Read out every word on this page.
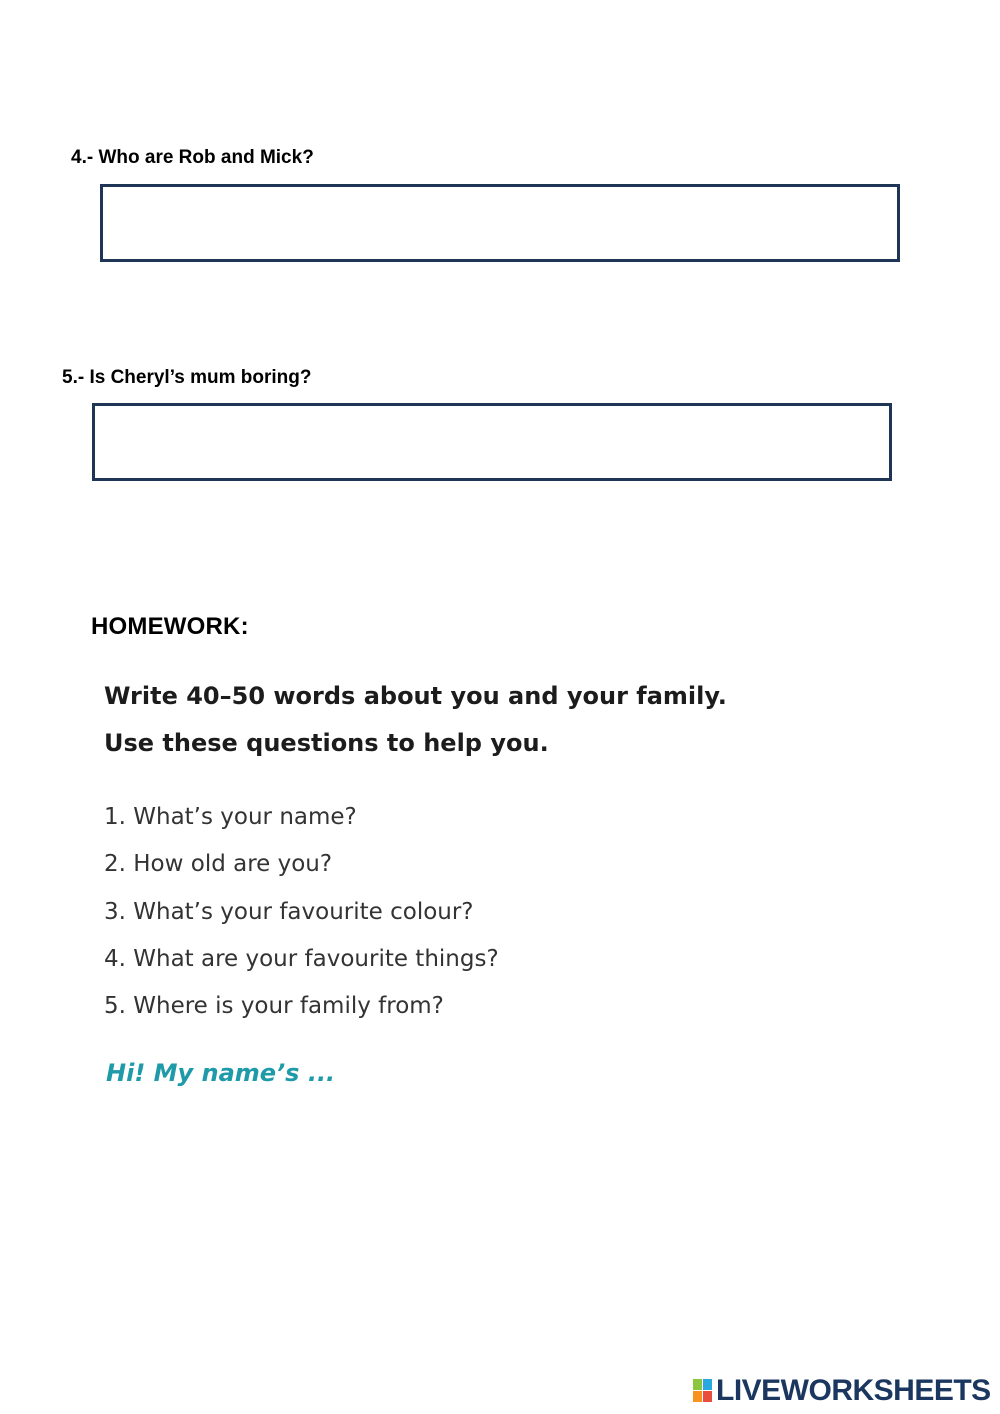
4.- Who are Rob and Mick?
5.- Is Cheryl’s mum boring?
HOMEWORK:
Write 40–50 words about you and your family.
Use these questions to help you.
1. What’s your name?
2. How old are you?
3. What’s your favourite colour?
4. What are your favourite things?
5. Where is your family from?
Hi! My name’s ...
LIVEWORKSHEETS
